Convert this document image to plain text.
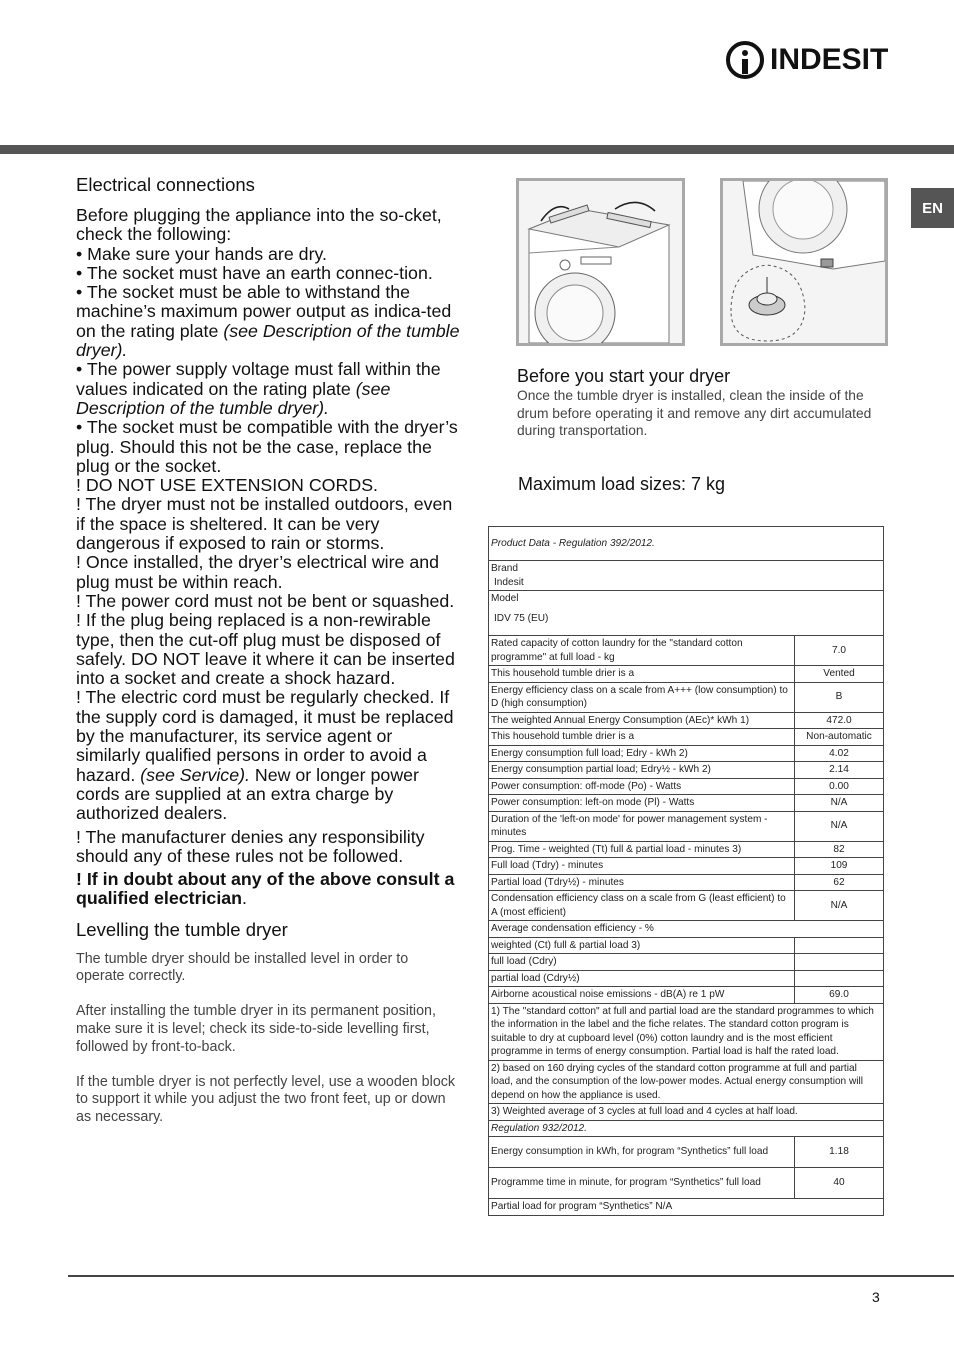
INDESIT
EN
Electrical connections

Before plugging the appliance into the so-cket, check the following:

• Make sure your hands are dry.

• The socket must have an earth connec-tion.

• The socket must be able to withstand the machine’s maximum power output as indica-ted on the rating plate (see Description of the tumble dryer).

• The power supply voltage must fall within the values indicated on the rating plate (see Description of the tumble dryer).

• The socket must be compatible with the dryer’s plug. Should this not be the case, replace the plug or the socket.

! DO NOT USE EXTENSION CORDS.

! The dryer must not be installed outdoors, even if the space is sheltered. It can be very dangerous if exposed to rain or storms.

! Once installed, the dryer’s electrical wire and plug must be within reach.

! The power cord must not be bent or squashed.

! If the plug being replaced is a non-rewirable type, then the cut-off plug must be disposed of safely. DO NOT leave it where it can be inserted into a socket and create a shock hazard.

! The electric cord must be regularly checked. If the supply cord is damaged, it must be replaced by the manufacturer, its service agent or similarly qualified persons in order to avoid a hazard. (see Service). New or longer power cords are supplied at an extra charge by authorized dealers.

! The manufacturer denies any responsibility should any of these rules not be followed.

! If in doubt about any of the above consult a qualified electrician.

Levelling the tumble dryer

The tumble dryer should be installed level in order to operate correctly.

After installing the tumble dryer in its permanent position, make sure it is level; check its side-to-side levelling first, followed by front-to-back.

If the tumble dryer is not perfectly level, use a wooden block to support it while you adjust the two front feet, up or down as necessary.

Before you start your dryer
Once the tumble dryer is installed, clean the inside of the drum before operating it and remove any dirt accumulated during transportation.
Maximum load sizes: 7 kg
Product Data - Regulation 392/2012.	

Brand
Indesit	

Model
IDV 75 (EU)	

Rated capacity of cotton laundry for the "standard cotton programme" at full load - kg	7.0
This household tumble drier is a	Vented
Energy efficiency class on a scale from A+++ (low consumption) to D (high consumption)	B
The weighted Annual Energy Consumption (AEc)* kWh 1)	472.0
This household tumble drier is a	Non-automatic
Energy consumption full load; Edry - kWh 2)	4.02
Energy consumption partial load; Edry½ - kWh 2)	2.14
Power consumption: off-mode (Po) - Watts	0.00
Power consumption: left-on mode (Pl) - Watts	N/A
Duration of the 'left-on mode' for power management system - minutes	N/A
Prog. Time - weighted (Tt) full & partial load - minutes 3)	82
Full load (Tdry) - minutes	109
Partial load (Tdry½) - minutes	62
Condensation efficiency class on a scale from G (least efficient) to A (most efficient)	N/A
Average condensation efficiency - %	
weighted (Ct) full & partial load 3)	
full load (Cdry)	
partial load (Cdry½)	
Airborne acoustical noise emissions - dB(A) re 1 pW	69.0
1) The "standard cotton" at full and partial load are the standard programmes to which the information in the label and the fiche relates. The standard cotton program is suitable to dry at cupboard level (0%) cotton laundry and is the most efficient programme in terms of energy consumption. Partial load is half the rated load.	
2) based on 160 drying cycles of the standard cotton programme at full and partial load, and the consumption of the low-power modes. Actual energy consumption will depend on how the appliance is used.	
3) Weighted average of 3 cycles at full load and 4 cycles at half load.	
Regulation 932/2012.	
Energy consumption in kWh, for program “Synthetics” full load	1.18
Programme time in minute, for program “Synthetics” full load	40
Partial load for program “Synthetics” N/A	
3
